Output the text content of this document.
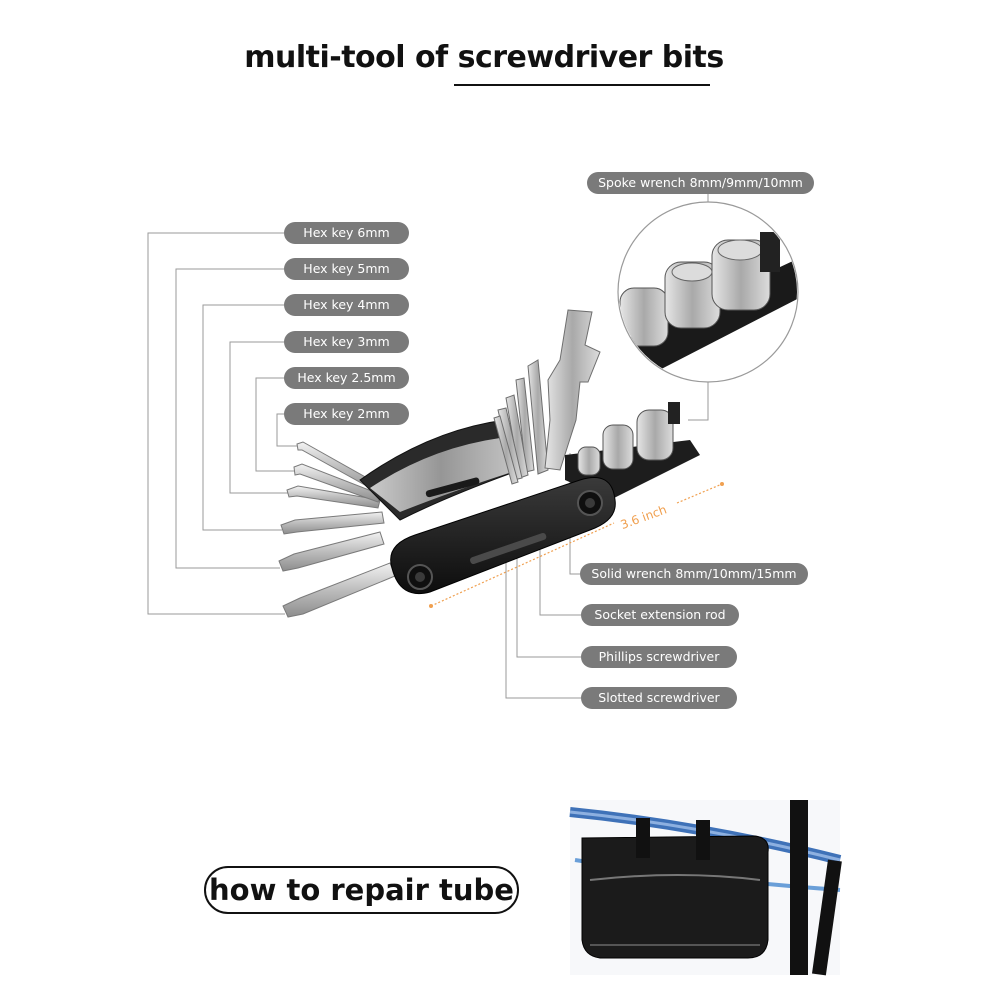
multi-tool of screwdriver bits
3.6 inch
Hex key 6mm
Hex key 5mm
Hex key 4mm
Hex key 3mm
Hex key 2.5mm
Hex key 2mm
Spoke wrench 8mm/9mm/10mm
Solid wrench 8mm/10mm/15mm
Socket extension rod
Phillips screwdriver
Slotted screwdriver
how to repair tube
